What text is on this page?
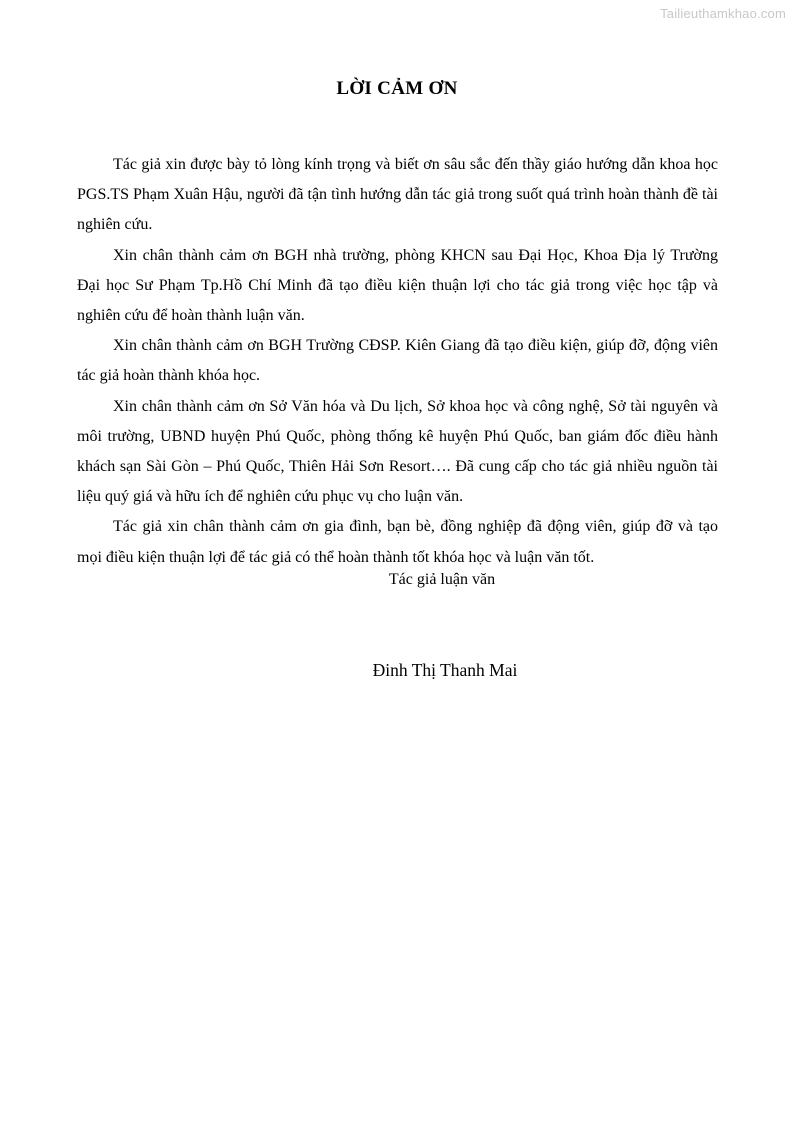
Tailieuthamkhao.com
LỜI CẢM ƠN

Tác giả xin được bày tỏ lòng kính trọng và biết ơn sâu sắc đến thầy giáo hướng dẫn khoa học PGS.TS Phạm Xuân Hậu, người đã tận tình hướng dẫn tác giả trong suốt quá trình hoàn thành đề tài nghiên cứu.

Xin chân thành cảm ơn BGH nhà trường, phòng KHCN sau Đại Học, Khoa Địa lý Trường Đại học Sư Phạm Tp.Hồ Chí Minh đã tạo điều kiện thuận lợi cho tác giả trong việc học tập và nghiên cứu để hoàn thành luận văn.

Xin chân thành cảm ơn BGH Trường CĐSP. Kiên Giang đã tạo điều kiện, giúp đỡ, động viên tác giả hoàn thành khóa học.

Xin chân thành cảm ơn Sở Văn hóa và Du lịch, Sở khoa học và công nghệ, Sở tài nguyên và môi trường, UBND huyện Phú Quốc, phòng thống kê huyện Phú Quốc, ban giám đốc điều hành khách sạn Sài Gòn – Phú Quốc, Thiên Hải Sơn Resort…. Đã cung cấp cho tác giả nhiều nguồn tài liệu quý giá và hữu ích để nghiên cứu phục vụ cho luận văn.

Tác giả xin chân thành cảm ơn gia đình, bạn bè, đồng nghiệp đã động viên, giúp đỡ và tạo mọi điều kiện thuận lợi để tác giả có thể hoàn thành tốt khóa học và luận văn tốt.

Tác giả luận văn
Đinh Thị Thanh Mai
